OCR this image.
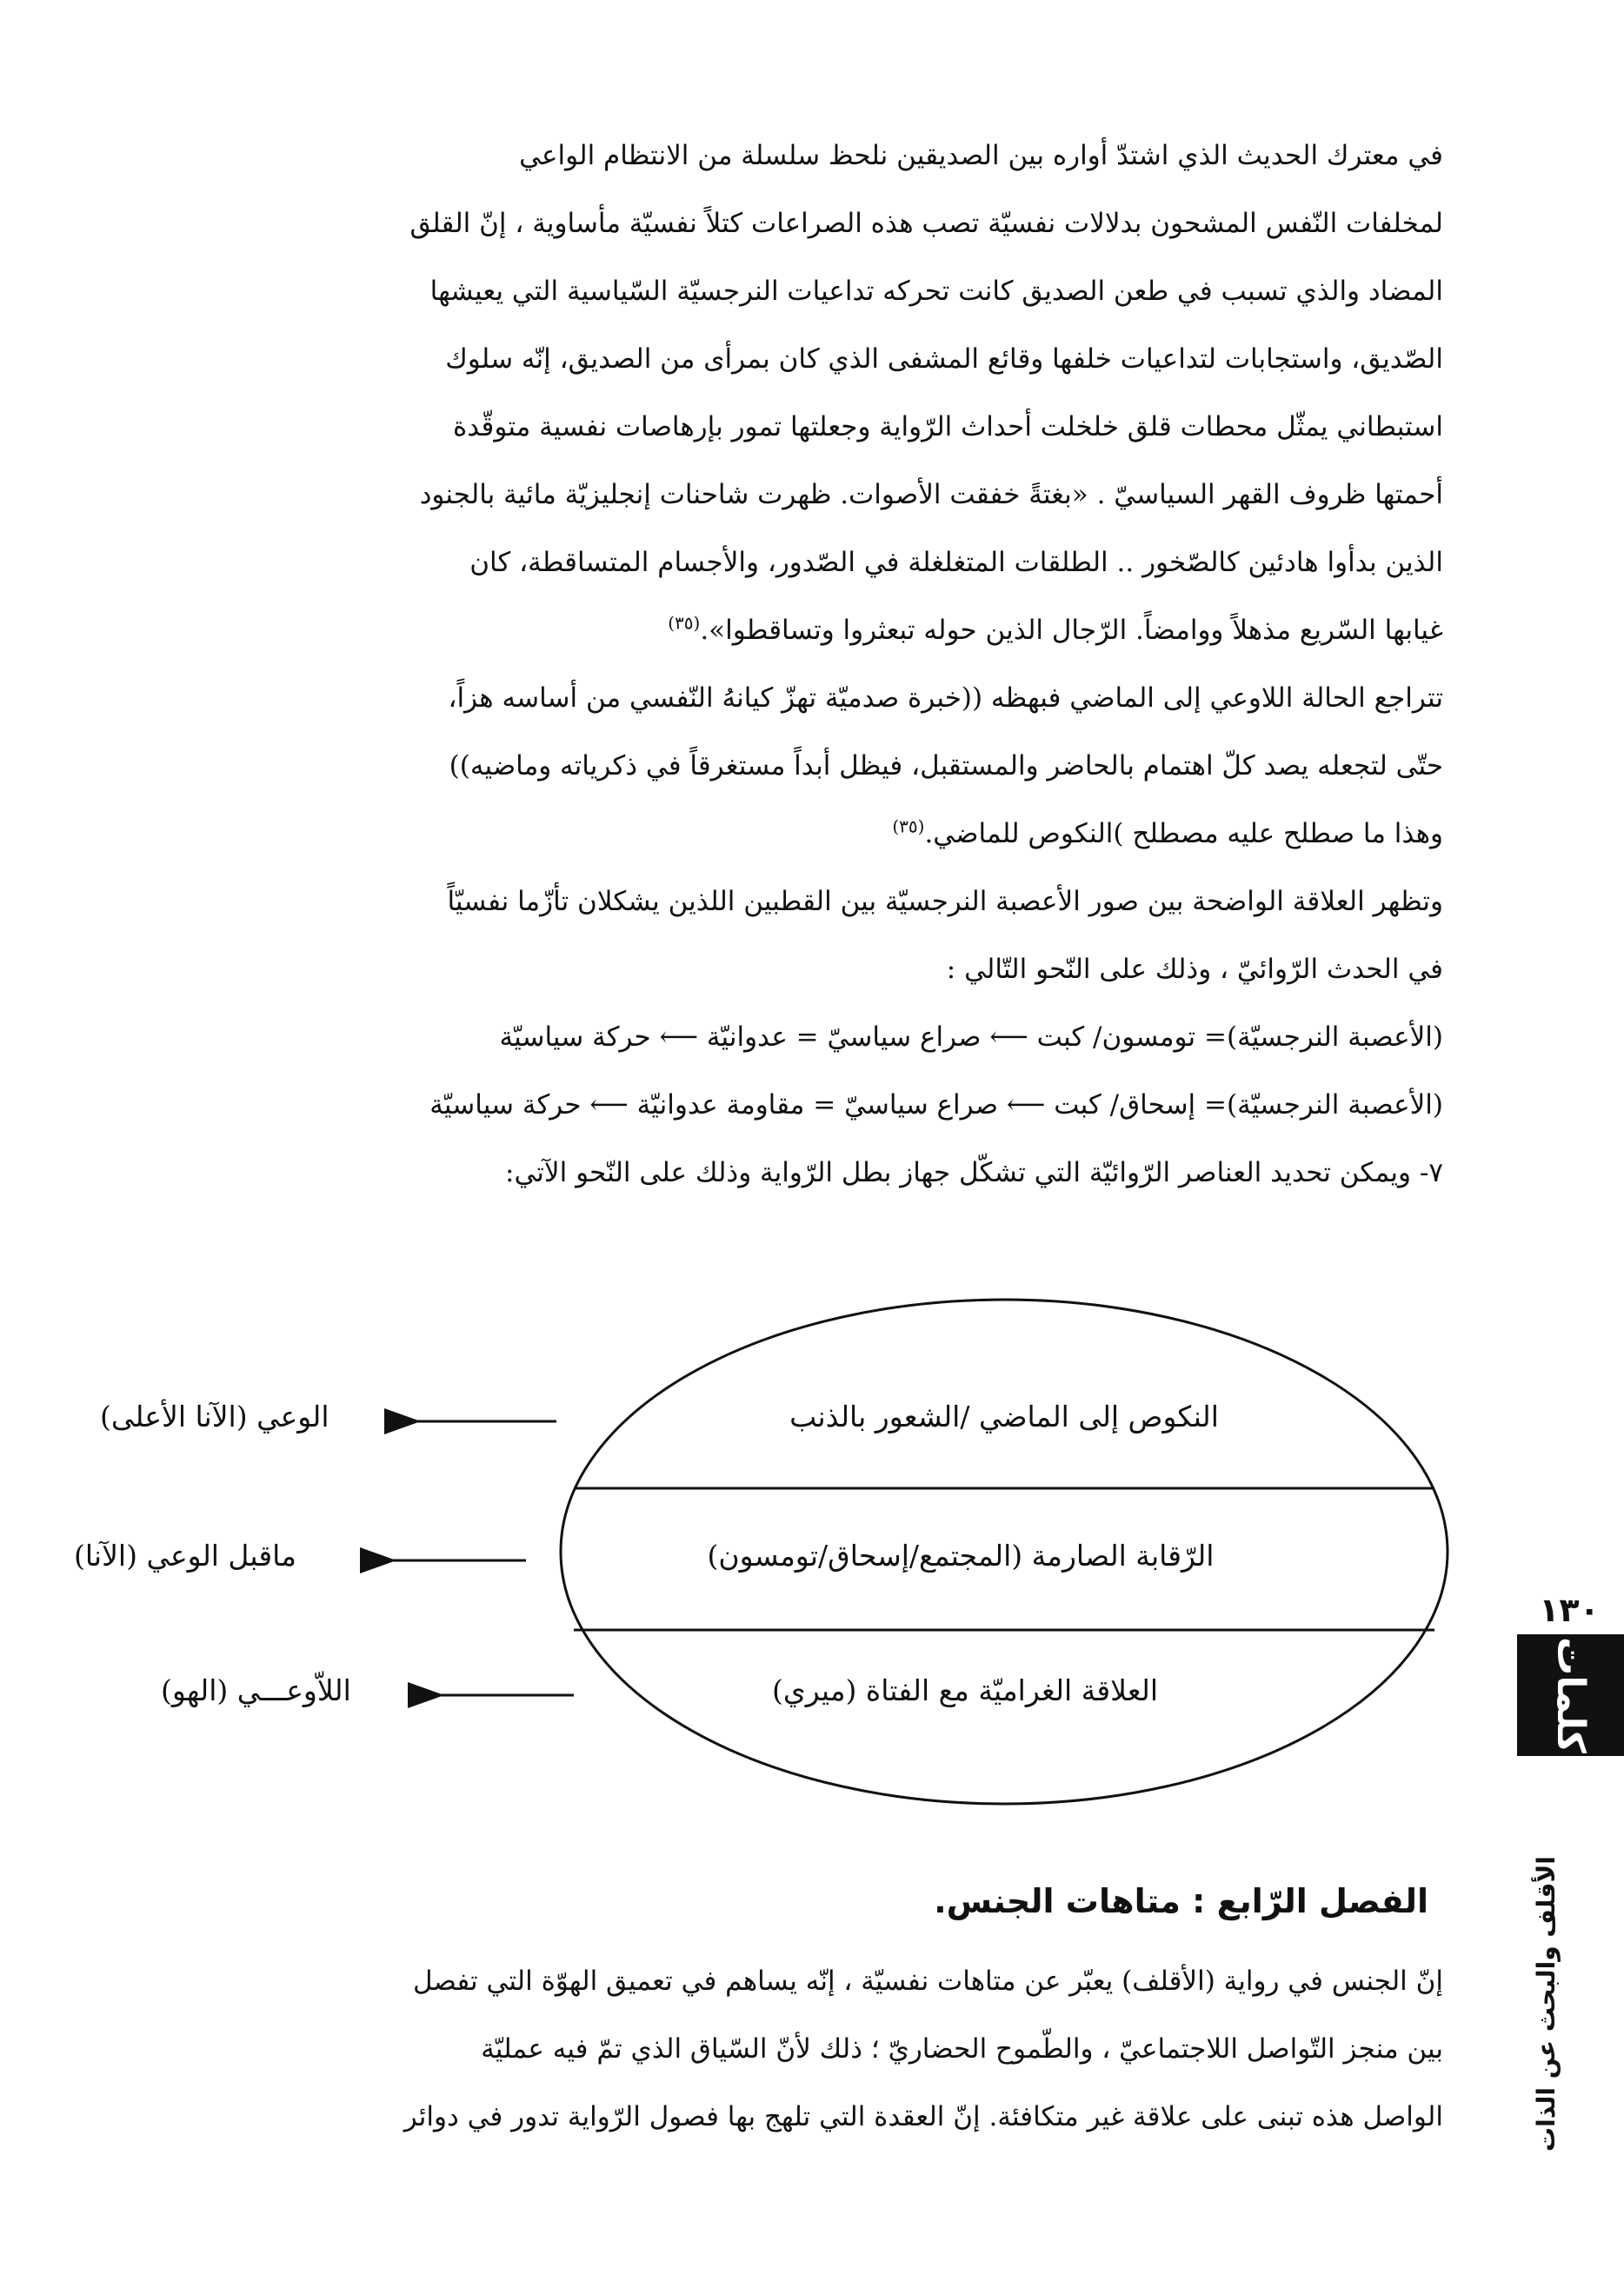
في معترك الحديث الذي اشتدّ أواره بين الصديقين نلحظ سلسلة من الانتظام الواعي
لمخلفات النّفس المشحون بدلالات نفسيّة تصب هذه الصراعات كتلاً نفسيّة مأساوية ، إنّ القلق
المضاد والذي تسبب في طعن الصديق كانت تحركه تداعيات النرجسيّة السّياسية التي يعيشها
الصّديق، واستجابات لتداعيات خلفها وقائع المشفى الذي كان بمرأى من الصديق، إنّه سلوك
استبطاني يمثّل محطات قلق خلخلت أحداث الرّواية وجعلتها تمور بإرهاصات نفسية متوقّدة
أحمتها ظروف القهر السياسيّ . «بغتةً خفقت الأصوات. ظهرت شاحنات إنجليزيّة مائية بالجنود
الذين بدأوا هادئين كالصّخور .. الطلقات المتغلغلة في الصّدور، والأجسام المتساقطة، كان
غيابها السّريع مذهلاً ووامضاً. الرّجال الذين حوله تبعثروا وتساقطوا».$^{(٣٥)}$
تتراجع الحالة اللاوعي إلى الماضي فبهظه ((خبرة صدميّة تهزّ كيانهُ النّفسي من أساسه هزاً،
حتّى لتجعله يصد كلّ اهتمام بالحاضر والمستقبل، فيظل أبداً مستغرقاً في ذكرياته وماضيه))
وهذا ما صطلح عليه مصطلح )النكوص للماضي.$^{(٣٥)}$
وتظهر العلاقة الواضحة بين صور الأعصبة النرجسيّة بين القطبين اللذين يشكلان تأزّما نفسيّاً
في الحدث الرّوائيّ ، وذلك على النّحو التّالي :
(الأعصبة النرجسيّة)= تومسون/ كبت ⟵ صراع سياسيّ = عدوانيّة ⟵ حركة سياسيّة
(الأعصبة النرجسيّة)= إسحاق/ كبت ⟵ صراع سياسيّ = مقاومة عدوانيّة ⟵ حركة سياسيّة
٧- ويمكن تحديد العناصر الرّوائيّة التي تشكّل جهاز بطل الرّواية وذلك على النّحو الآتي:
النكوص إلى الماضي /الشعور بالذنب
الرّقابة الصارمة (المجتمع/إسحاق/تومسون)
العلاقة الغراميّة مع الفتاة (ميري)
الوعي (الآنا الأعلى)
ماقبل الوعي (الآنا)
اللاّوعـــي (الهو)
الفصل الرّابع : متاهات الجنس.
إنّ الجنس في رواية (الأقلف) يعبّر عن متاهات نفسيّة ، إنّه يساهم في تعميق الهوّة التي تفصل
بين منجز التّواصل اللاجتماعيّ ، والطّموح الحضاريّ ؛ ذلك لأنّ السّياق الذي تمّ فيه عمليّة
الواصل هذه تبنى على علاقة غير متكافئة. إنّ العقدة التي تلهج بها فصول الرّواية تدور في دوائر
١٣٠
كلمات
الأقلف والبحث عن الذات
